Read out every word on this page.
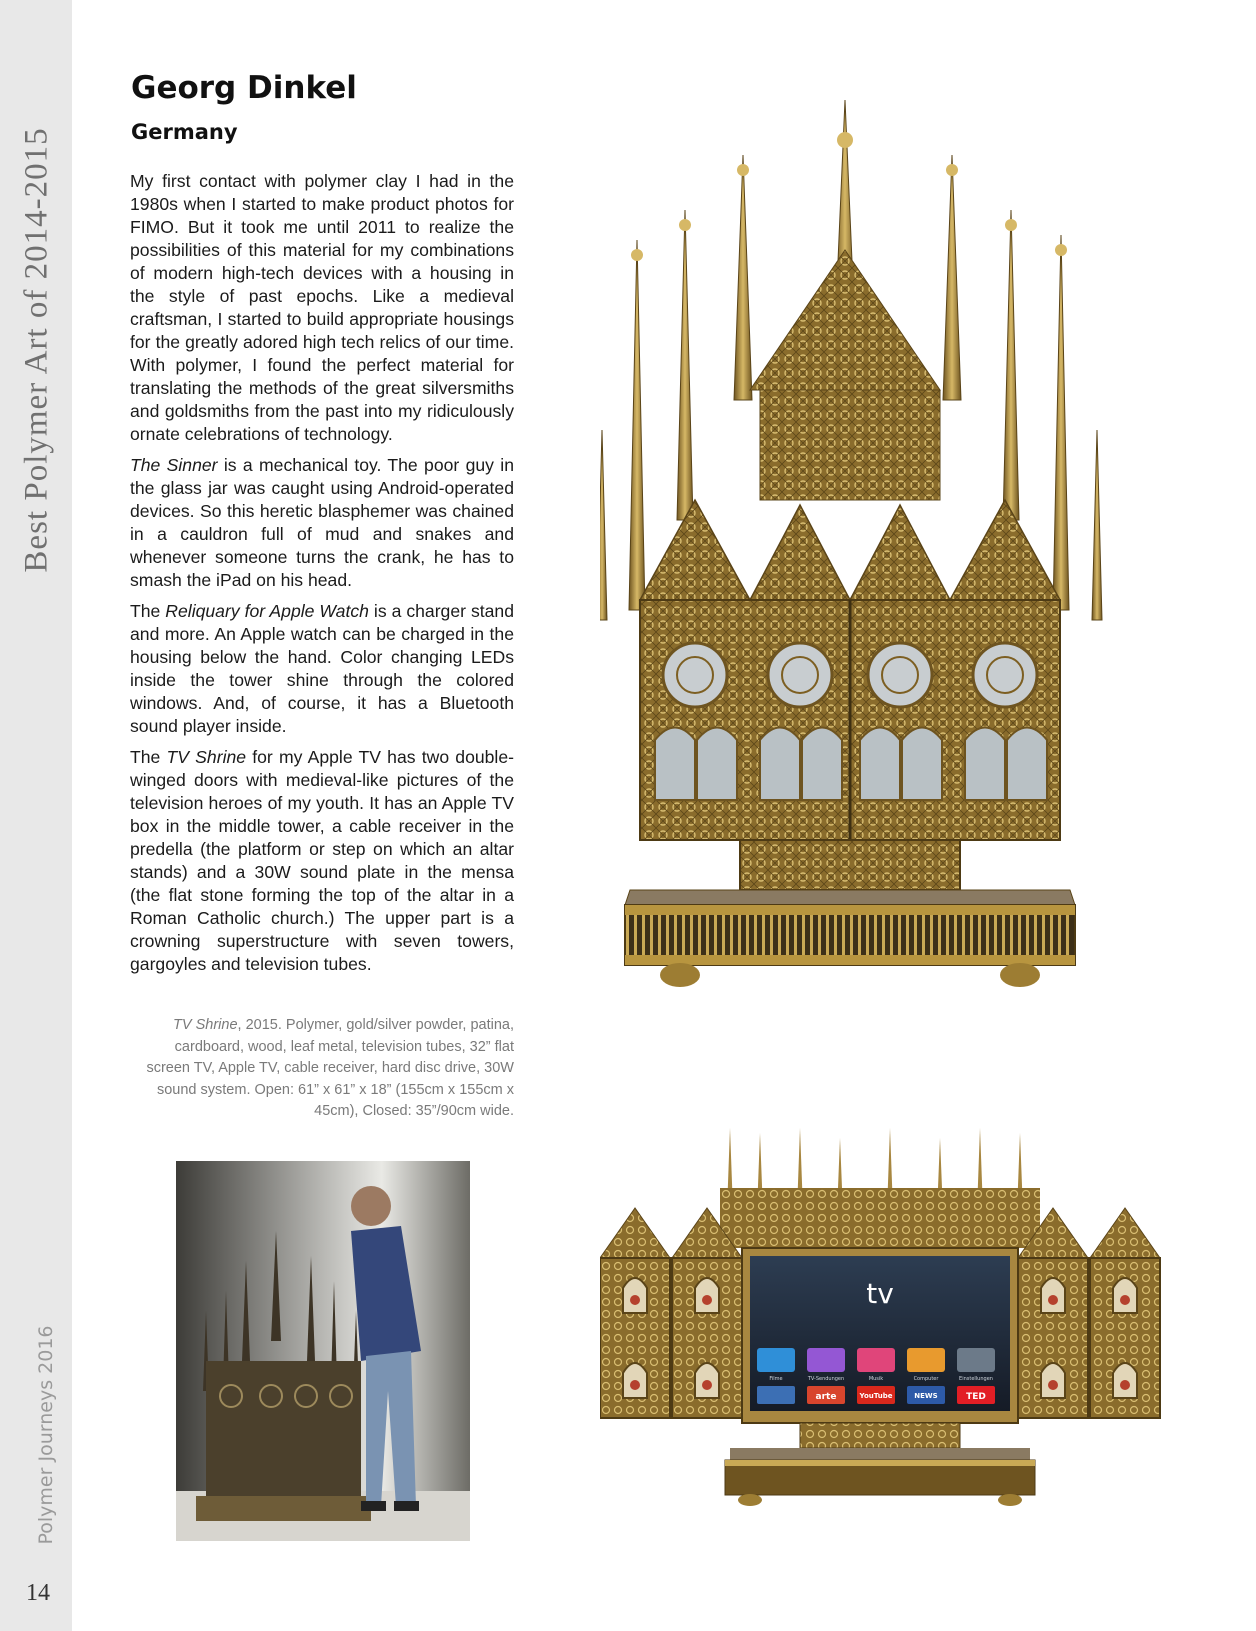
Best Polymer Art of 2014-2015
Polymer Journeys 2016
14
Georg Dinkel
Germany

My first contact with polymer clay I had in the 1980s when I started to make product photos for FIMO. But it took me until 2011 to realize the possibilities of this material for my combinations of modern high-tech devices with a housing in the style of past epochs. Like a medieval craftsman, I started to build appropriate housings for the greatly adored high tech relics of our time. With polymer, I found the perfect material for translating the methods of the great silversmiths and goldsmiths from the past into my ridiculously ornate celebrations of technology.

The Sinner is a mechanical toy. The poor guy in the glass jar was caught using Android-operated devices. So this heretic blasphemer was chained in a cauldron full of mud and snakes and whenever someone turns the crank, he has to smash the iPad on his head.

The Reliquary for Apple Watch is a charger stand and more. An Apple watch can be charged in the housing below the hand. Color changing LEDs inside the tower shine through the colored windows. And, of course, it has a Bluetooth sound player inside.

The TV Shrine for my Apple TV has two double-winged doors with medieval-like pictures of the television heroes of my youth. It has an Apple TV box in the middle tower, a cable receiver in the predella (the platform or step on which an altar stands) and a 30W sound plate in the mensa (the flat stone forming the top of the altar in a Roman Catholic church.) The upper part is a crowning superstructure with seven towers, gargoyles and television tubes.

TV Shrine, 2015. Polymer, gold/silver powder, patina, cardboard, wood, leaf metal, television tubes, 32” flat screen TV, Apple TV, cable receiver, hard disc drive, 30W sound system. Open: 61” x 61” x 18” (155cm x 155cm x 45cm), Closed: 35”/90cm wide.
tv
Filme	TV-Sendungen	Musik	Computer	Einstellungen
arte	YouTube	NEWS	TED
